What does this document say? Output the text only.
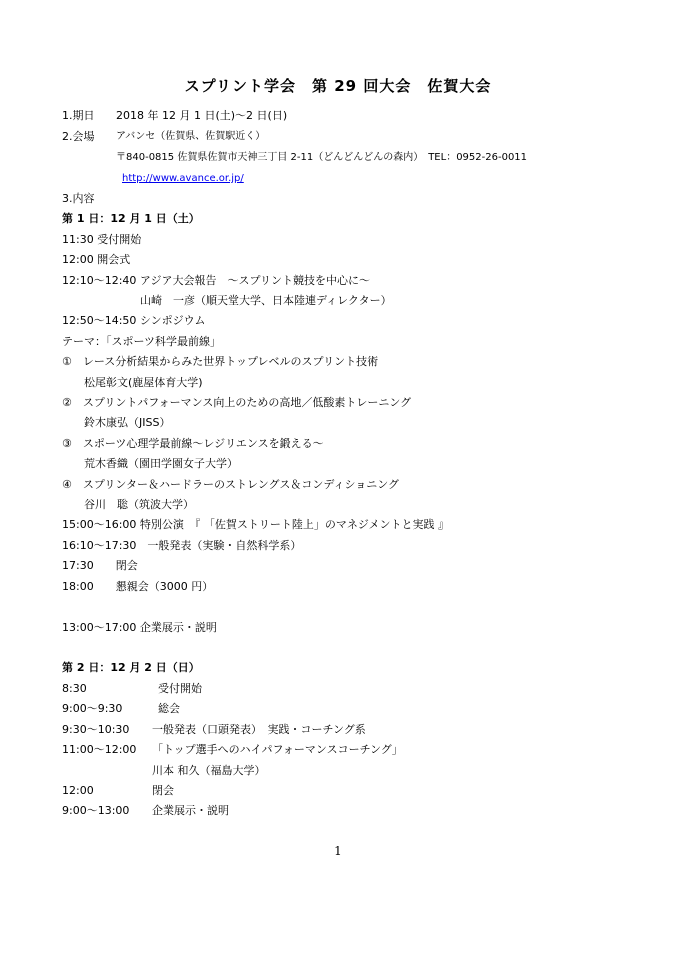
スプリント学会　第 29 回大会　佐賀大会
1.期日 2018 年 12 月 1 日(土)～2 日(日)
2.会場 アバンセ（佐賀県、佐賀駅近く）
〒840-0815 佐賀県佐賀市天神三丁目 2-11（どんどんどんの森内）　TEL：0952-26-0011
http://www.avance.or.jp/
3.内容
第 1 日：12 月 1 日（土）
11:30 受付開始
12:00 開会式
12:10～12:40 アジア大会報告　～スプリント競技を中心に～
山崎　一彦（順天堂大学、日本陸連ディレクター）
12:50～14:50 シンポジウム
テーマ：「スポーツ科学最前線」
①　レース分析結果からみた世界トップレベルのスプリント技術
松尾彰文(鹿屋体育大学)
②　スプリントパフォーマンス向上のための高地／低酸素トレーニング
鈴木康弘（JISS）
③　スポーツ心理学最前線～レジリエンスを鍛える～
荒木香織（園田学園女子大学）
④　スプリンター＆ハードラーのストレングス＆コンディショニング
谷川　聡（筑波大学）
15:00～16:00 特別公演　『 「佐賀ストリート陸上」のマネジメントと実践 』
16:10～17:30　一般発表（実験・自然科学系）
17:30　　閉会
18:00　　懇親会（3000 円）
13:00～17:00 企業展示・説明
第 2 日：12 月 2 日（日）
8:30	受付開始
9:00～9:30	総会
9:30～10:30 一般発表（口頭発表）　実践・コーチング系
11:00～12:00 「トップ選手へのハイパフォーマンスコーチング」
川本 和久（福島大学）
12:00	閉会
9:00～13:00 企業展示・説明
1
